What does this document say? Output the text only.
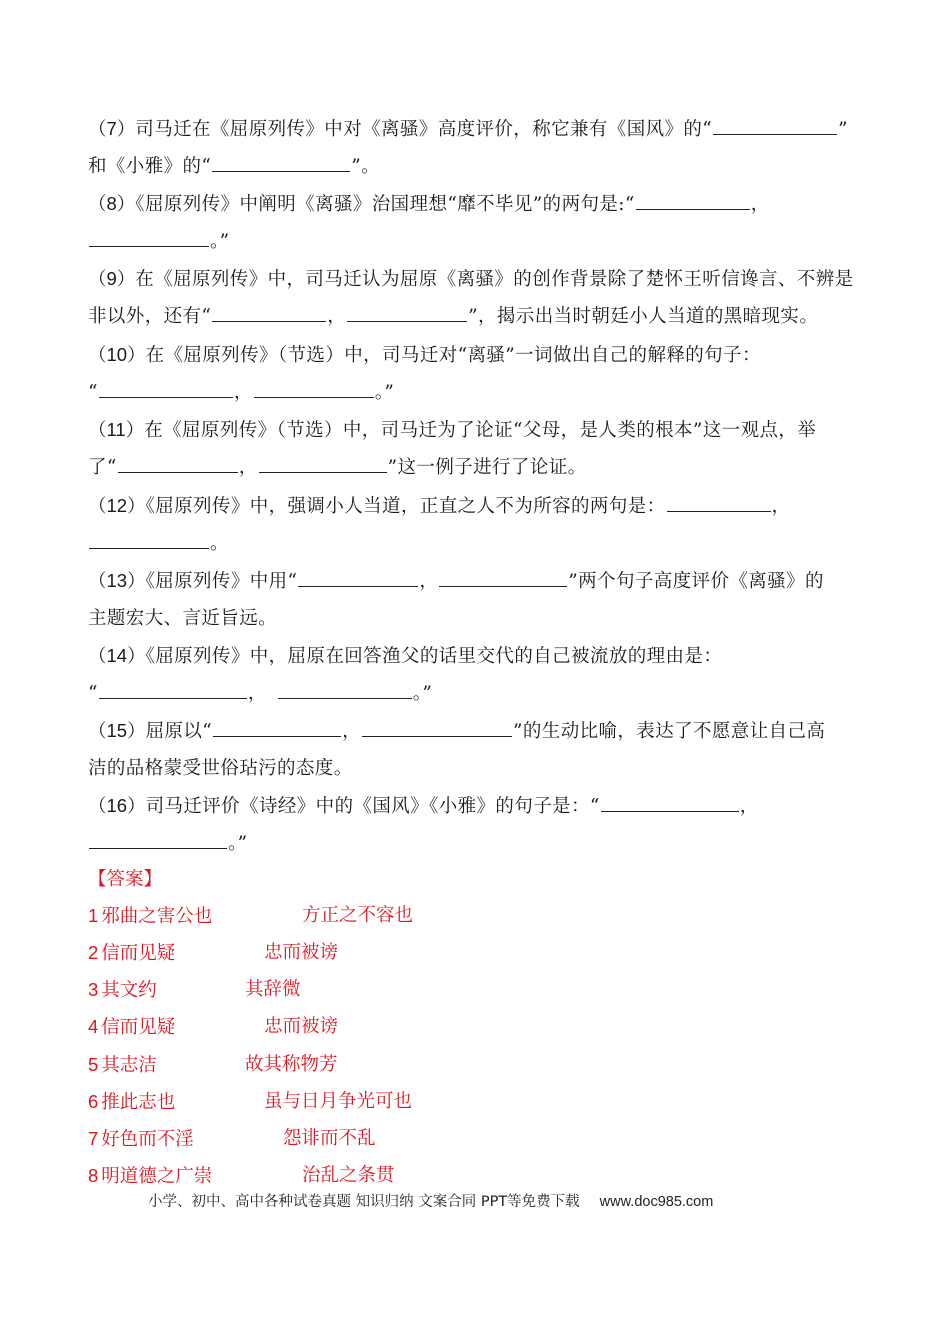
（7）司马迁在《屈原列传》中对《离骚》高度评价，称它兼有《国风》的“	”
和《小雅》的“	”。
（8）《屈原列传》中阐明《离骚》治国理想“靡不毕见”的两句是:“	，
。”
（9）在《屈原列传》中，司马迁认为屈原《离骚》的创作背景除了楚怀王听信谗言、不辨是
非以外，还有“	，	”，揭示出当时朝廷小人当道的黑暗现实。
（10）在《屈原列传》（节选）中，司马迁对“离骚”一词做出自己的解释的句子：
“	，	。”
（11）在《屈原列传》（节选）中，司马迁为了论证“父母，是人类的根本”这一观点，举
了“	，	”这一例子进行了论证。
（12）《屈原列传》中，强调小人当道，正直之人不为所容的两句是：	，
。
（13）《屈原列传》中用“	，	”两个句子高度评价《离骚》的
主题宏大、言近旨远。
（14）《屈原列传》中，屈原在回答渔父的话里交代的自己被流放的理由是：
“	，	。”
（15）屈原以“	，	”的生动比喻，表达了不愿意让自己高
洁的品格蒙受世俗玷污的态度。
（16）司马迁评价《诗经》中的《国风》《小雅》的句子是：“	，
。”
【答案】
1 邪曲之害公也	方正之不容也
2 信而见疑	忠而被谤
3 其文约	其辞微
4 信而见疑	忠而被谤
5 其志洁	故其称物芳
6 推此志也	虽与日月争光可也
7 好色而不淫	怨诽而不乱
8 明道德之广崇	治乱之条贯
小学、初中、高中各种试卷真题 知识归纳 文案合同 PPT等免费下载 www.doc985.com
